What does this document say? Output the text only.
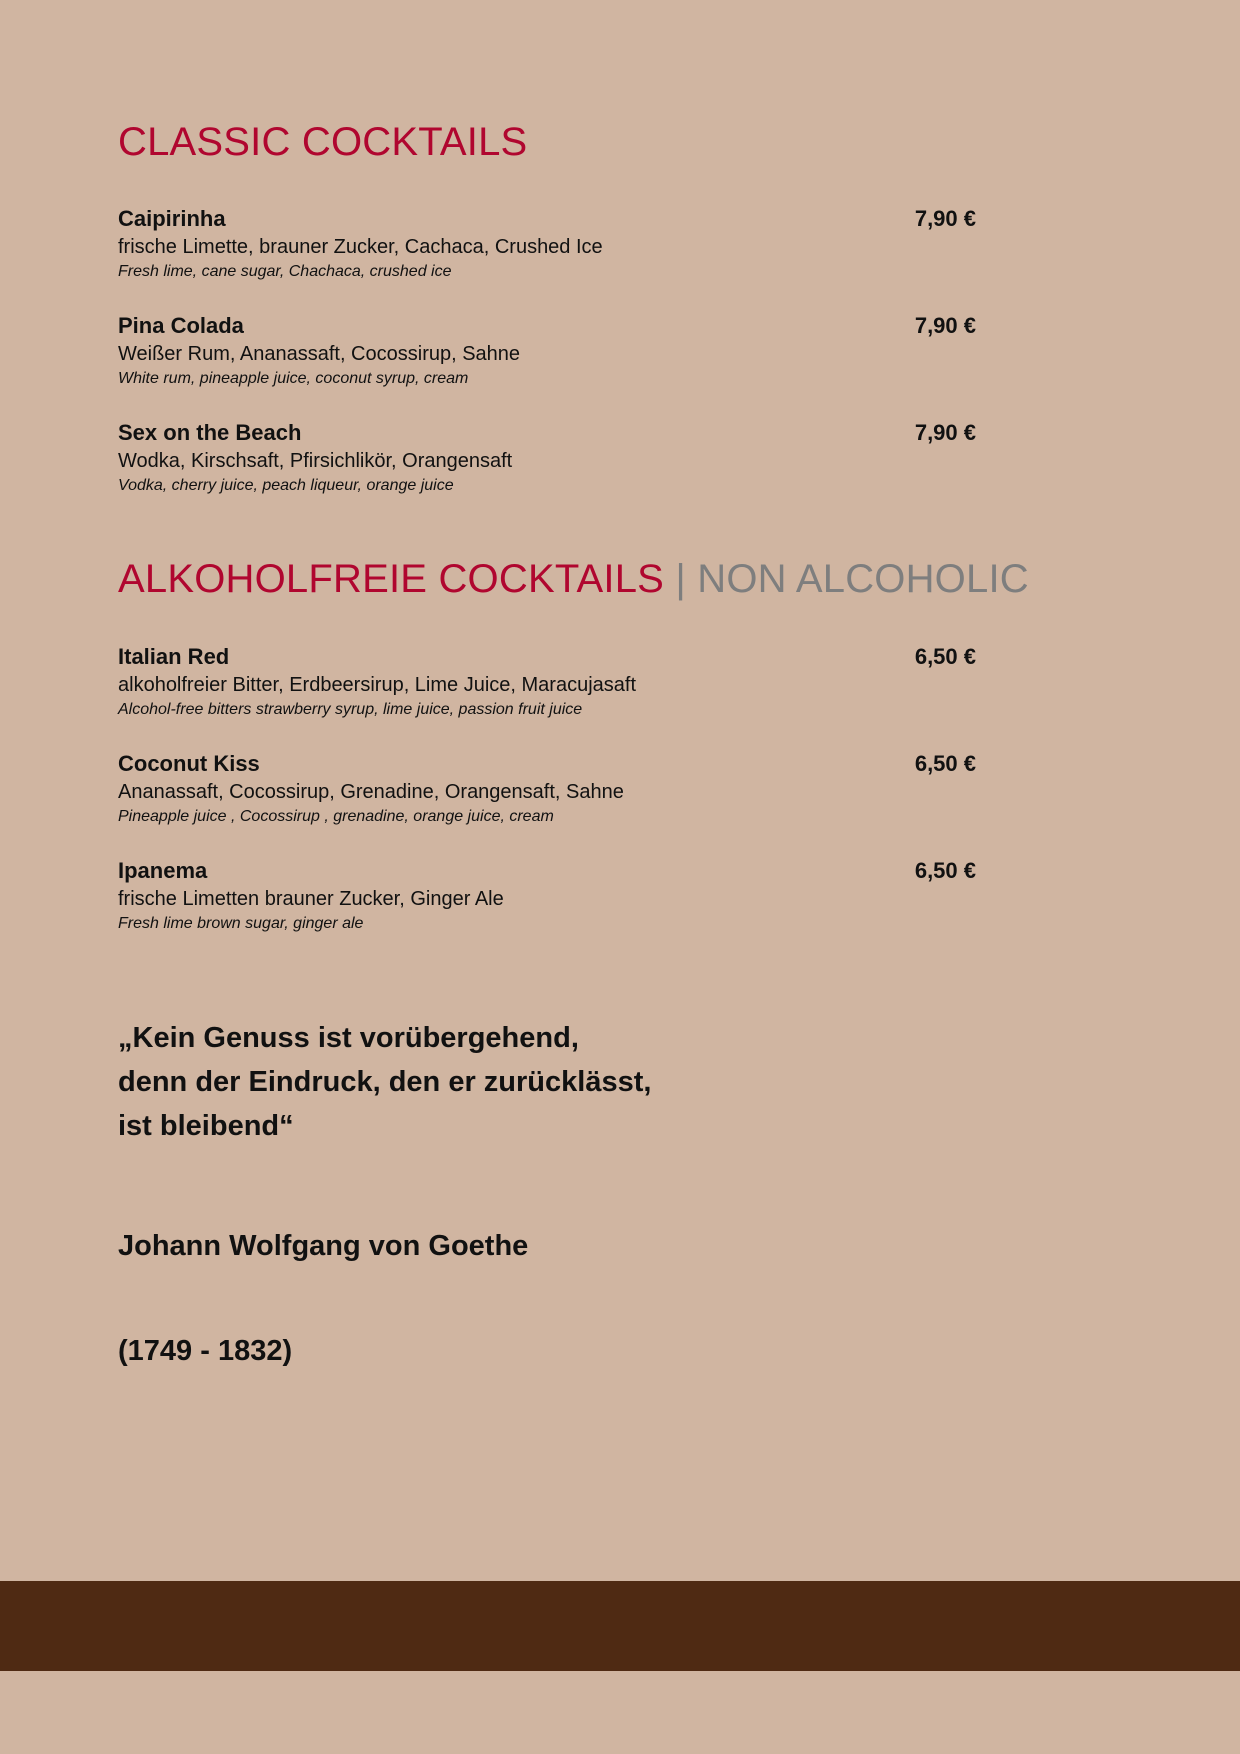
CLASSIC COCKTAILS
Caipirinha	7,90 €
frische Limette, brauner Zucker, Cachaca, Crushed Ice
Fresh lime, cane sugar, Chachaca, crushed ice
Pina Colada	7,90 €
Weißer Rum, Ananassaft, Cocossirup, Sahne
White rum, pineapple juice, coconut syrup, cream
Sex on the Beach	7,90 €
Wodka, Kirschsaft, Pfirsichlikör, Orangensaft
Vodka, cherry juice, peach liqueur, orange juice
ALKOHOLFREIE COCKTAILS | NON ALCOHOLIC
Italian Red	6,50 €
alkoholfreier Bitter, Erdbeersirup, Lime Juice, Maracujasaft
Alcohol-free bitters strawberry syrup, lime juice, passion fruit juice
Coconut Kiss	6,50 €
Ananassaft, Cocossirup, Grenadine, Orangensaft, Sahne
Pineapple juice , Cocossirup , grenadine, orange juice, cream
Ipanema	6,50 €
frische Limetten brauner Zucker, Ginger Ale
Fresh lime brown sugar, ginger ale
„Kein Genuss ist vorübergehend,
denn der Eindruck, den er zurücklässt,
ist bleibend“
Johann Wolfgang von Goethe
(1749 - 1832)
